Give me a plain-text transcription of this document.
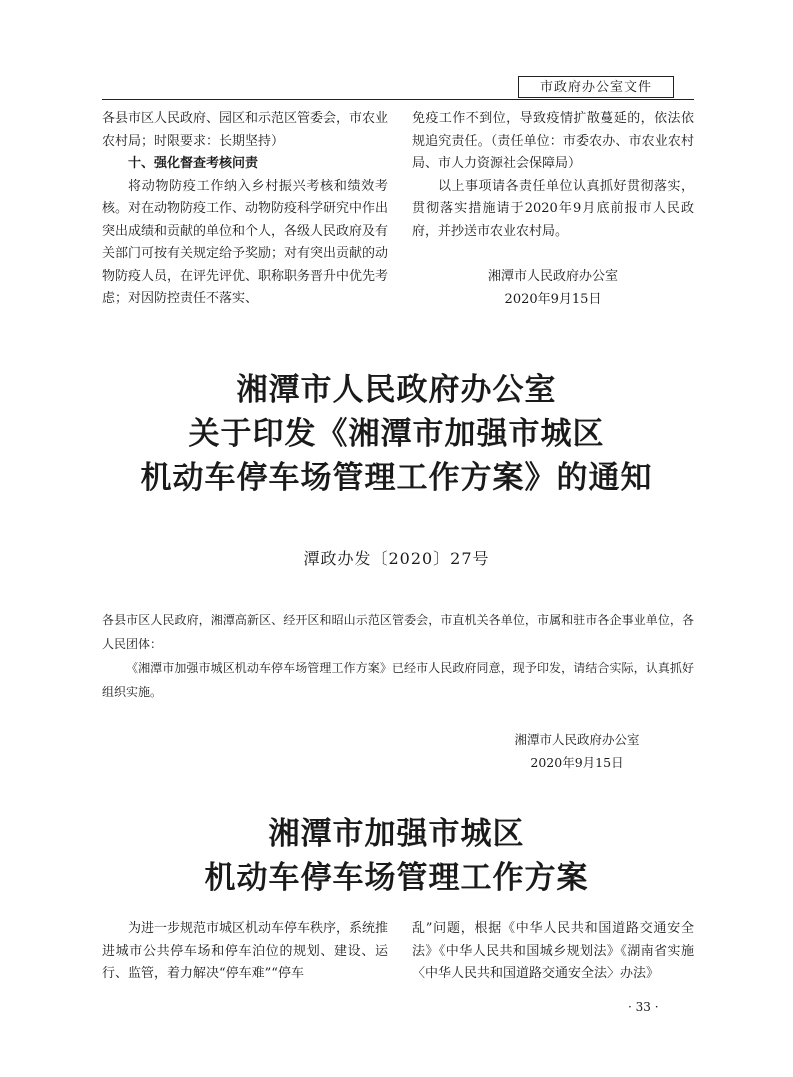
市政府办公室文件

各县市区人民政府、园区和示范区管委会，市农业农村局；时限要求：长期坚持）

十、强化督查考核问责

将动物防疫工作纳入乡村振兴考核和绩效考核。对在动物防疫工作、动物防疫科学研究中作出突出成绩和贡献的单位和个人，各级人民政府及有关部门可按有关规定给予奖励；对有突出贡献的动物防疫人员，在评先评优、职称职务晋升中优先考虑；对因防控责任不落实、

免疫工作不到位，导致疫情扩散蔓延的，依法依规追究责任。（责任单位：市委农办、市农业农村局、市人力资源社会保障局）

以上事项请各责任单位认真抓好贯彻落实，贯彻落实措施请于2020年9月底前报市人民政府，并抄送市农业农村局。

湘潭市人民政府办公室

2020年9月15日

湘潭市人民政府办公室
关于印发《湘潭市加强市城区
机动车停车场管理工作方案》的通知
潭政办发〔2020〕27号

各县市区人民政府，湘潭高新区、经开区和昭山示范区管委会，市直机关各单位，市属和驻市各企事业单位，各人民团体：

《湘潭市加强市城区机动车停车场管理工作方案》已经市人民政府同意，现予印发，请结合实际，认真抓好组织实施。

湘潭市人民政府办公室
2020年9月15日
湘潭市加强市城区
机动车停车场管理工作方案

为进一步规范市城区机动车停车秩序，系统推进城市公共停车场和停车泊位的规划、建设、运行、监管，着力解决“停车难”“停车

乱”问题，根据《中华人民共和国道路交通安全法》《中华人民共和国城乡规划法》《湖南省实施〈中华人民共和国道路交通安全法〉办法》

· 33 ·
